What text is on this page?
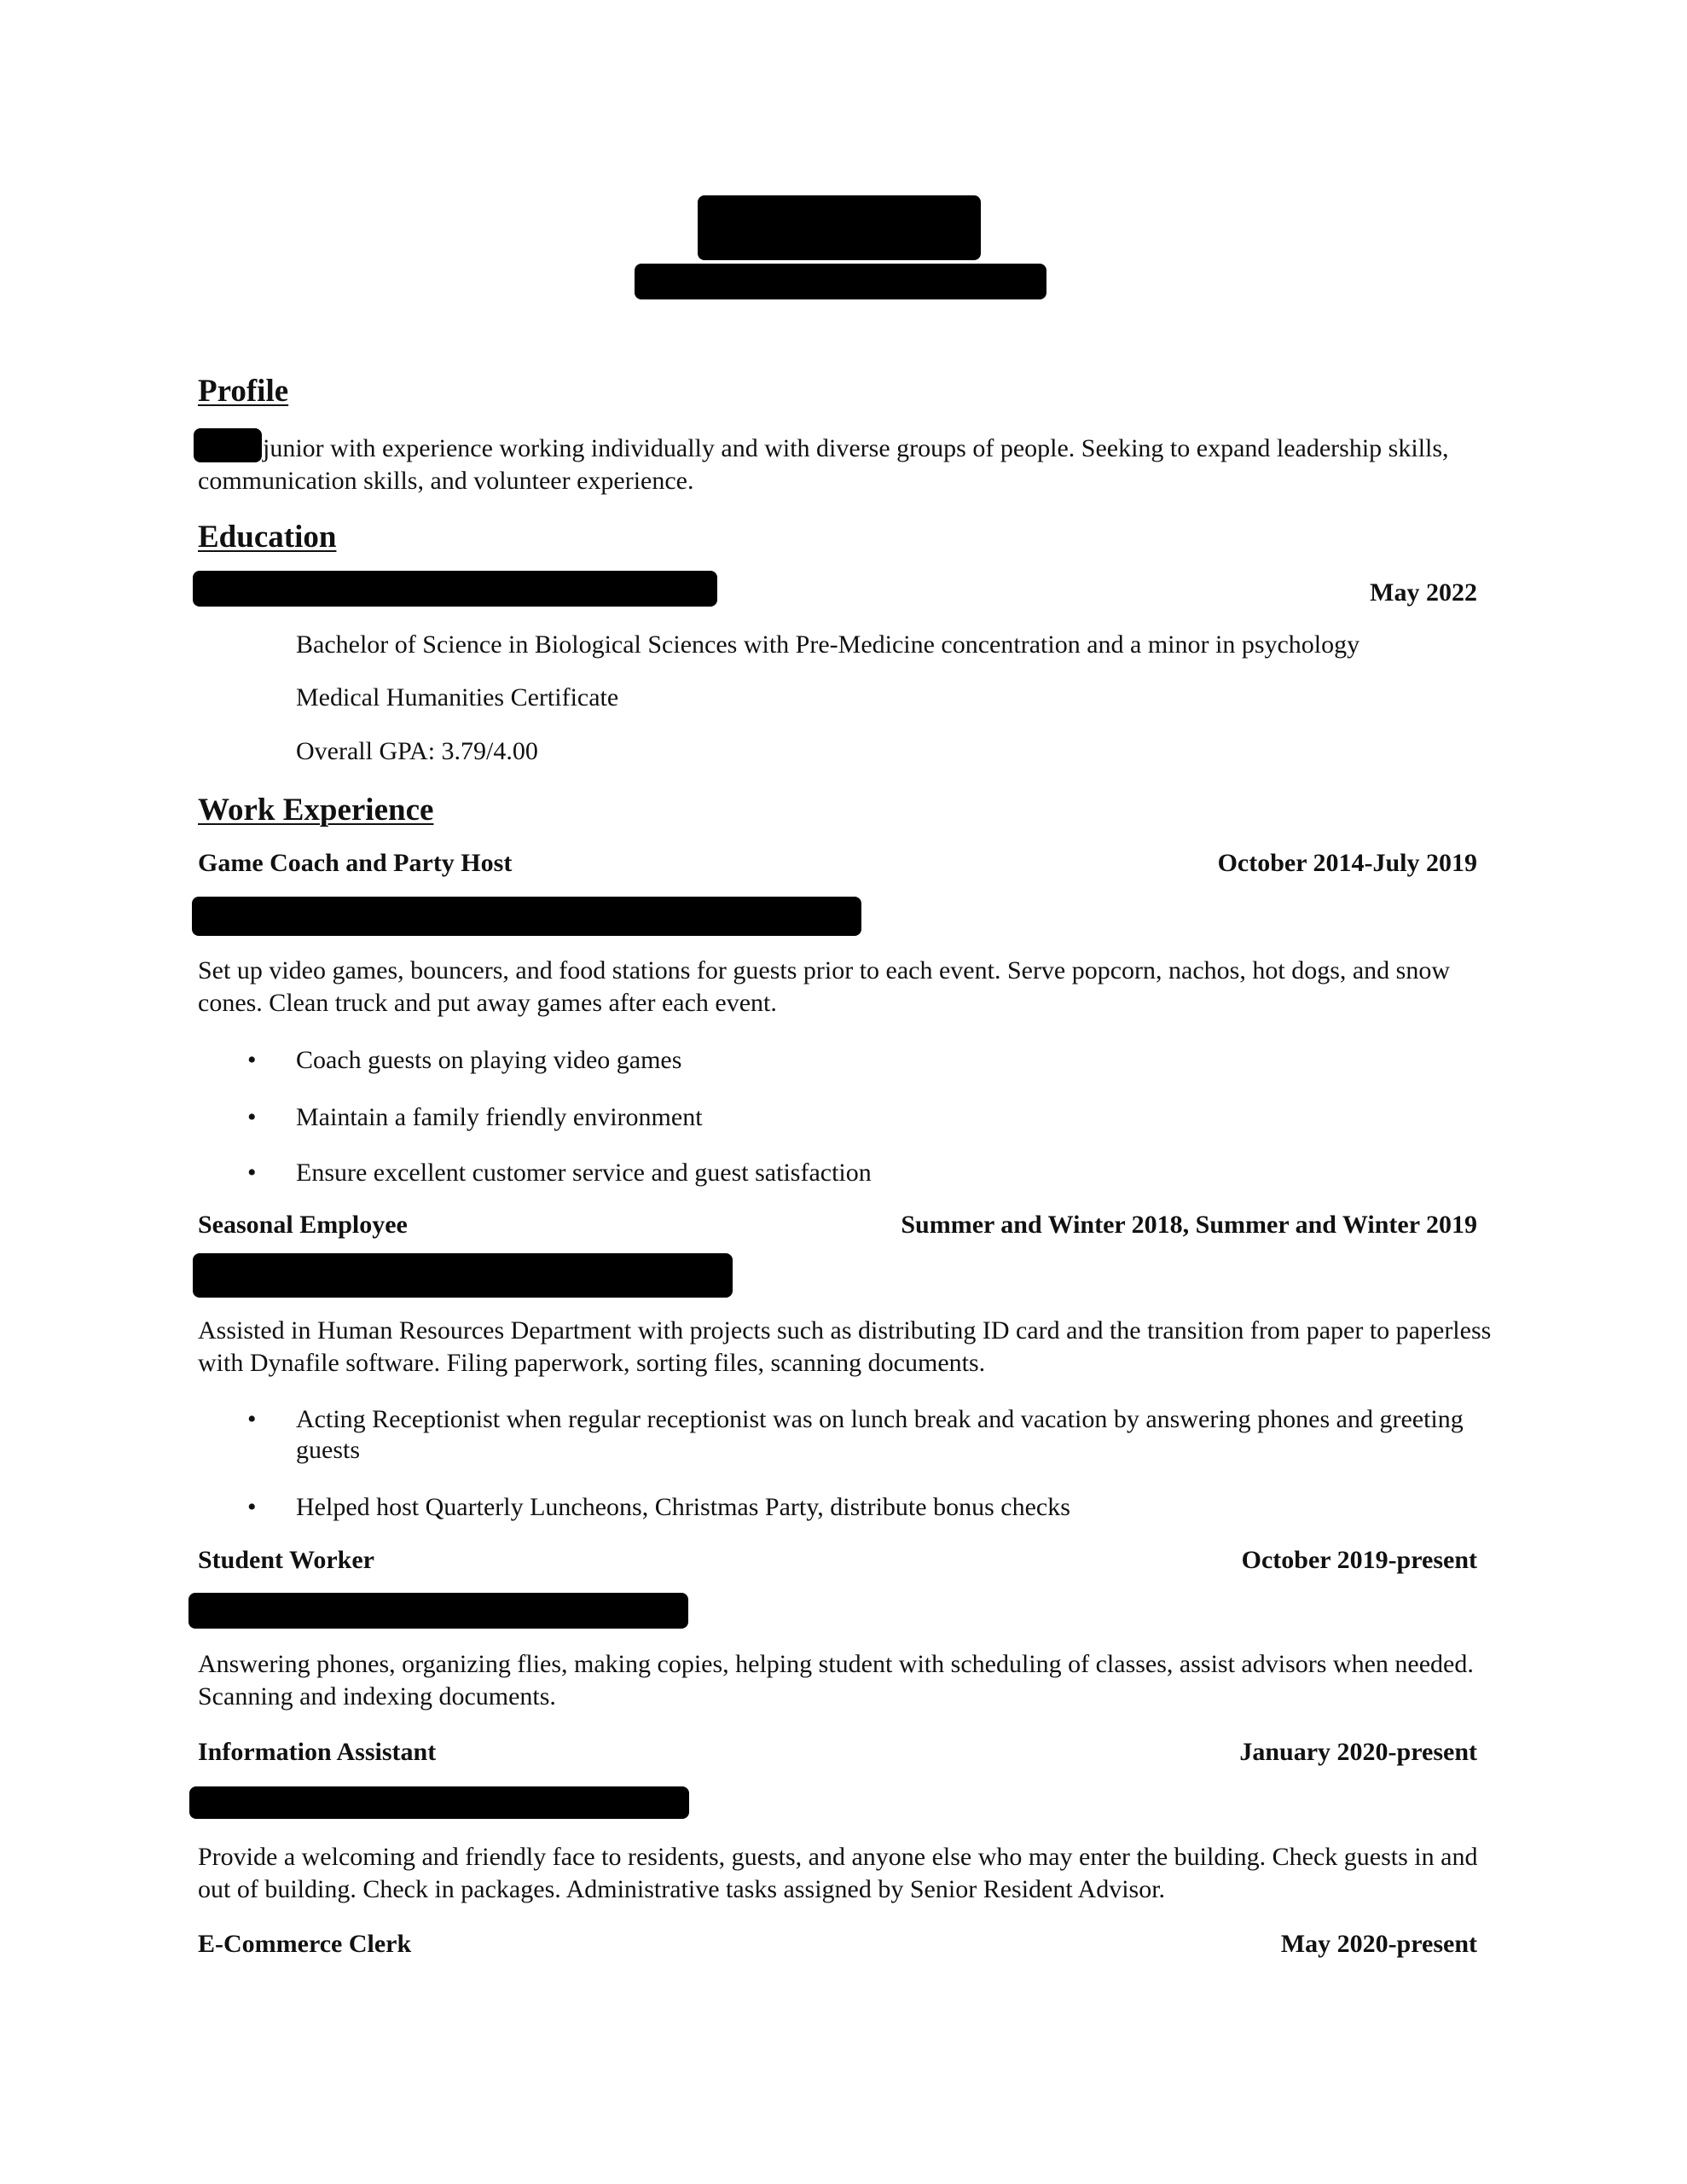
Profile

junior with experience working individually and with diverse groups of people. Seeking to expand leadership skills, communication skills, and volunteer experience.

Education
May 2022
Bachelor of Science in Biological Sciences with Pre-Medicine concentration and a minor in psychology
Medical Humanities Certificate
Overall GPA: 3.79/4.00
Work Experience
Game Coach and Party Host	October 2014-July 2019

Set up video games, bouncers, and food stations for guests prior to each event. Serve popcorn, nachos, hot dogs, and snow cones. Clean truck and put away games after each event.

•	Coach guests on playing video games
•	Maintain a family friendly environment
•	Ensure excellent customer service and guest satisfaction
Seasonal Employee	Summer and Winter 2018, Summer and Winter 2019

Assisted in Human Resources Department with projects such as distributing ID card and the transition from paper to paperless with Dynafile software. Filing paperwork, sorting files, scanning documents.

•	Acting Receptionist when regular receptionist was on lunch break and vacation by answering phones and greeting guests
•	Helped host Quarterly Luncheons, Christmas Party, distribute bonus checks
Student Worker	October 2019-present

Answering phones, organizing flies, making copies, helping student with scheduling of classes, assist advisors when needed. Scanning and indexing documents.

Information Assistant	January 2020-present

Provide a welcoming and friendly face to residents, guests, and anyone else who may enter the building. Check guests in and out of building. Check in packages. Administrative tasks assigned by Senior Resident Advisor.

E-Commerce Clerk	May 2020-present
